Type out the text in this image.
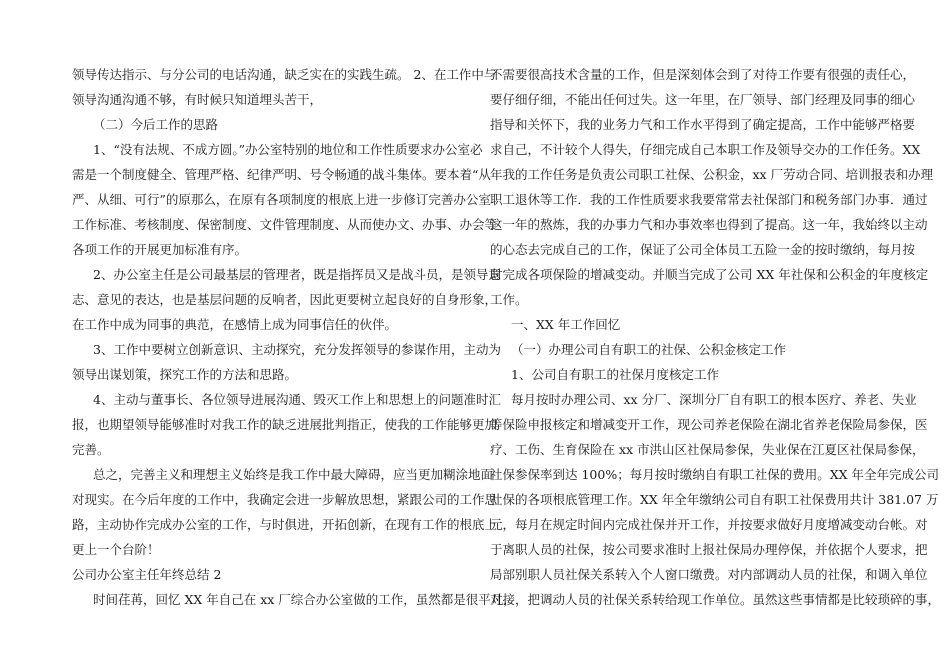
领导传达指示、与分公司的电话沟通，缺乏实在的实践生疏。 2、在工作中与
领导沟通沟通不够，有时候只知道埋头苦干，
（二）今后工作的思路
1、“没有法规、不成方圆。”办公室特别的地位和工作性质要求办公室必
需是一个制度健全、管理严格、纪律严明、号令畅通的战斗集体。要本着“从
严、从细、可行”的原那么，在原有各项制度的根底上进一步修订完善办公室
工作标准、考核制度、保密制度、文件管理制度、从而使办文、办事、办会等
各项工作的开展更加标准有序。
2、办公室主任是公司最基层的管理者，既是指挥员又是战斗员，是领导意
志、意见的表达，也是基层问题的反响者，因此更要树立起良好的自身形象，
在工作中成为同事的典范，在感情上成为同事信任的伙伴。
3、工作中要树立创新意识、主动探究，充分发挥领导的参谋作用，主动为
领导出谋划策，探究工作的方法和思路。
4、主动与董事长、各位领导进展沟通、毁灭工作上和思想上的问题准时汇
报，也期望领导能够准时对我工作的缺乏进展批判指正，使我的工作能够更加
完善。
总之，完善主义和理想主义始终是我工作中最大障碍，应当更加糊涂地面
对现实。在今后年度的工作中，我确定会进一步解放思想，紧跟公司的工作思
路，主动协作完成办公室的工作，与时俱进，开拓创新，在现有工作的根底上
更上一个台阶！
公司办公室主任年终总结 2
时间荏苒，回忆 XX 年自己在 xx 厂综合办公室做的工作，虽然都是很平凡，
不需要很高技术含量的工作，但是深刻体会到了对待工作要有很强的责任心，
要仔细仔细，不能出任何过失。这一年里，在厂领导、部门经理及同事的细心
指导和关怀下，我的业务力气和工作水平得到了确定提高，工作中能够严格要
求自己，不计较个人得失，仔细完成自己本职工作及领导交办的工作任务。XX
年我的工作任务是负责公司职工社保、公积金，xx 厂劳动合同、培训报表和办理
职工退休等工作．我的工作性质要求我要常常去社保部门和税务部门办事．通过
这一年的熬炼，我的办事力气和办事效率也得到了提高。这一年，我始终以主动
的心态去完成自己的工作，保证了公司全体员工五险一金的按时缴纳，每月按
时完成各项保险的增减变动。并顺当完成了公司 XX 年社保和公积金的年度核定
工作。
一、XX 年工作回忆
（一）办理公司自有职工的社保、公积金核定工作
1、公司自有职工的社保月度核定工作
每月按时办理公司、xx 分厂、深圳分厂自有职工的根本医疗、养老、失业
等保险申报核定和增减变开工作，现公司养老保险在湖北省养老保险局参保，医
疗、工伤、生育保险在 xx 市洪山区社保局参保，失业保在江夏区社保局参保，
社保参保率到达 100%；每月按时缴纳自有职工社保的费用。XX 年全年完成公司
社保的各项根底管理工作。XX 年全年缴纳公司自有职工社保费用共计 381.07 万
元，每月在规定时间内完成社保并开工作，并按要求做好月度增减变动台帐。对
于离职人员的社保，按公司要求准时上报社保局办理停保，并依据个人要求，把
局部别职人员社保关系转入个人窗口缴费。对内部调动人员的社保，和调入单位
对接，把调动人员的社保关系转给现工作单位。虽然这些事情都是比较琐碎的事，
